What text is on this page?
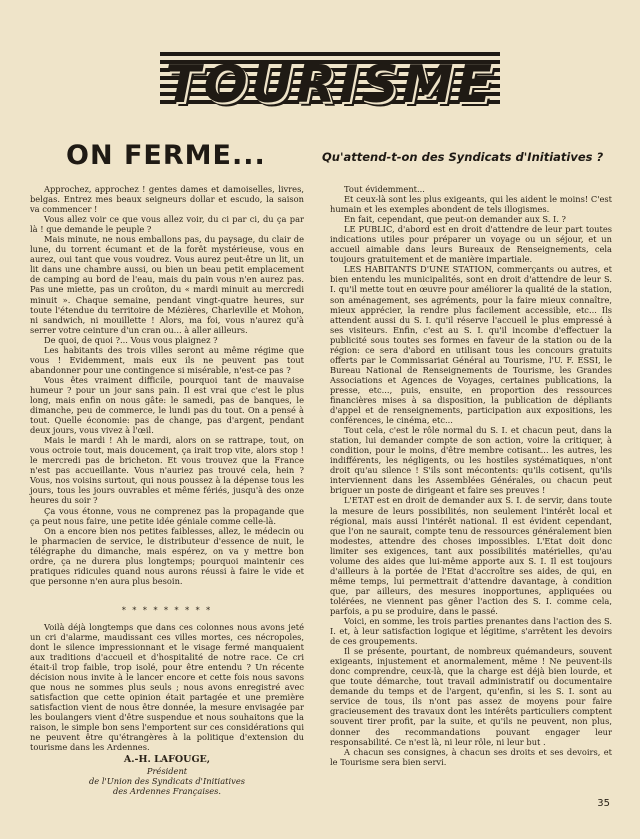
TOURISME
ON FERME...	Qu'attend-t-on des Syndicats d'Initiatives ?

Approchez, approchez ! gentes dames et damoiselles, livres, belgas. Entrez mes beaux seigneurs dollar et escudo, la saison va commencer !

Vous allez voir ce que vous allez voir, du ci par ci, du ça par là ! que demande le peuple ?

Mais minute, ne nous emballons pas, du paysage, du clair de lune, du torrent écumant et de la forêt mystérieuse, vous en aurez, oui tant que vous voudrez. Vous aurez peut-être un lit, un lit dans une chambre aussi, ou bien un beau petit emplacement de camping au bord de l'eau, mais du pain vous n'en aurez pas. Pas une miette, pas un croûton, du « mardi minuit au mercredi minuit ». Chaque semaine, pendant vingt-quatre heures, sur toute l'étendue du territoire de Mézières, Charleville et Mohon, ni sandwich, ni mouillette ! Alors, ma foi, vous n'aurez qu'à serrer votre ceinture d'un cran ou... à aller ailleurs.

De quoi, de quoi ?... Vous vous plaignez ?

Les habitants des trois villes seront au même régime que vous ! Evidemment, mais eux ils ne peuvent pas tout abandonner pour une contingence si misérable, n'est-ce pas ?

Vous êtes vraiment difficile, pourquoi tant de mauvaise humeur ? pour un jour sans pain. Il est vrai que c'est le plus long, mais enfin on nous gâte: le samedi, pas de banques, le dimanche, peu de commerce, le lundi pas du tout. On a pensé à tout. Quelle économie: pas de change, pas d'argent, pendant deux jours, vous vivez à l'œil.

Mais le mardi ! Ah le mardi, alors on se rattrape, tout, on vous octroie tout, mais doucement, ça irait trop vite, alors stop ! le mercredi pas de bricheton. Et vous trouvez que la France n'est pas accueillante. Vous n'auriez pas trouvé cela, hein ? Vous, nos voisins surtout, qui nous poussez à la dépense tous les jours, tous les jours ouvrables et même fériés, jusqu'à des onze heures du soir ?

Ça vous étonne, vous ne comprenez pas la propagande que ça peut nous faire, une petite idée géniale comme celle-là.

On a encore bien nos petites faiblesses, allez, le médecin ou le pharmacien de service, le distributeur d'essence de nuit, le télégraphe du dimanche, mais espérez, on va y mettre bon ordre, ça ne durera plus longtemps; pourquoi maintenir ces pratiques ridicules quand nous aurons réussi à faire le vide et que personne n'en aura plus besoin.

* * * * * * * * *

Voilà déjà longtemps que dans ces colonnes nous avons jeté un cri d'alarme, maudissant ces villes mortes, ces nécropoles, dont le silence impressionnant et le visage fermé manquaient aux traditions d'accueil et d'hospitalité de notre race. Ce cri était-il trop faible, trop isolé, pour être entendu ? Un récente décision nous invite à le lancer encore et cette fois nous savons que nous ne sommes plus seuls ; nous avons enregistré avec satisfaction que cette opinion était partagée et une première satisfaction vient de nous être donnée, la mesure envisagée par les boulangers vient d'être suspendue et nous souhaitons que la raison, le simple bon sens l'emportent sur ces considérations qui ne peuvent être qu'étrangères à la politique d'extension du tourisme dans les Ardennes.

A.-H. LAFOUGE,
Président
de l'Union des Syndicats d'Initiatives
des Ardennes Françaises.

Tout évidemment...

Et ceux-là sont les plus exigeants, qui les aident le moins! C'est humain et les exemples abondent de tels illogismes.

En fait, cependant, que peut-on demander aux S. I. ?

LE PUBLIC, d'abord est en droit d'attendre de leur part toutes indications utiles pour préparer un voyage ou un séjour, et un accueil aimable dans leurs Bureaux de Renseignements, cela toujours gratuitement et de manière impartiale.

LES HABITANTS D'UNE STATION, commerçants ou autres, et bien entendu les municipalités, sont en droit d'attendre de leur S. I. qu'il mette tout en œuvre pour améliorer la qualité de la station, son aménagement, ses agréments, pour la faire mieux connaître, mieux apprécier, la rendre plus facilement accessible, etc... Ils attendent aussi du S. I. qu'il réserve l'accueil le plus empressé à ses visiteurs. Enfin, c'est au S. I. qu'il incombe d'effectuer la publicité sous toutes ses formes en faveur de la station ou de la région: ce sera d'abord en utilisant tous les concours gratuits offerts par le Commissariat Général au Tourisme, l'U. F. ESSI, le Bureau National de Renseignements de Tourisme, les Grandes Associations et Agences de Voyages, certaines publications, la presse, etc..., puis, ensuite, en proportion des ressources financières mises à sa disposition, la publication de dépliants d'appel et de renseignements, participation aux expositions, les conférences, le cinéma, etc...

Tout cela, c'est le rôle normal du S. I. et chacun peut, dans la station, lui demander compte de son action, voire la critiquer, à condition, pour le moins, d'être membre cotisant... les autres, les indifférents, les négligents, ou les hostiles systématiques, n'ont droit qu'au silence ! S'ils sont mécontents: qu'ils cotisent, qu'ils interviennent dans les Assemblées Générales, ou chacun peut briguer un poste de dirigeant et faire ses preuves !

L'ETAT est en droit de demander aux S. I. de servir, dans toute la mesure de leurs possibilités, non seulement l'intérêt local et régional, mais aussi l'intérêt national. Il est évident cependant, que l'on ne saurait, compte tenu de ressources généralement bien modestes, attendre des choses impossibles. L'Etat doit donc limiter ses exigences, tant aux possibilités matérielles, qu'au volume des aides que lui-même apporte aux S. I. Il est toujours d'ailleurs à la portée de l'Etat d'accroître ses aides, de qui, en même temps, lui permettrait d'attendre davantage, à condition que, par ailleurs, des mesures inopportunes, appliquées ou tolérées, ne viennent pas gêner l'action des S. I. comme cela, parfois, a pu se produire, dans le passé.

Voici, en somme, les trois parties prenantes dans l'action des S. I. et, à leur satisfaction logique et légitime, s'arrêtent les devoirs de ces groupements.

Il se présente, pourtant, de nombreux quémandeurs, souvent exigeants, injustement et anormalement, même ! Ne peuvent-ils donc comprendre, ceux-là, que la charge est déjà bien lourde, et que toute démarche, tout travail administratif ou documentaire demande du temps et de l'argent, qu'enfin, si les S. I. sont au service de tous, ils n'ont pas assez de moyens pour faire gracieusement des travaux dont les intérêts particuliers comptent souvent tirer profit, par la suite, et qu'ils ne peuvent, non plus, donner des recommandations pouvant engager leur responsabilité. Ce n'est là, ni leur rôle, ni leur but .

A chacun ses consignes, à chacun ses droits et ses devoirs, et le Tourisme sera bien servi.

35
